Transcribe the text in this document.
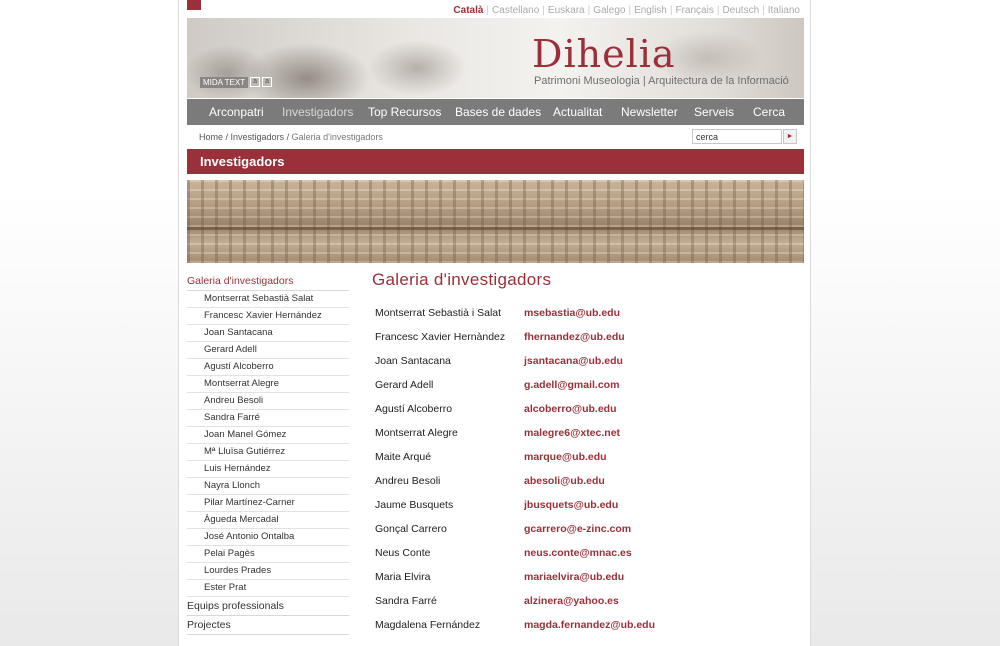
Català | Castellano | Euskara | Galego | English | Français | Deutsch | Italiano
Dihelia
Patrimoni Museologia | Arquitectura de la Informació
MIDA TEXT	a	a
Arconpatri Investigadors Top Recursos Bases de dades Actualitat Newsletter Serveis Cerca
Home / Investigadors / Galeria d'investigadors
cerca	►
Investigadors
Galeria d'investigadors
Montserrat Sebastià Salat
Francesc Xavier Hernández
Joan Santacana
Gerard Adell
Agustí Alcoberro
Montserrat Alegre
Andreu Besoli
Sandra Farré
Joan Manel Gómez
Mª Lluïsa Gutiérrez
Luis Hernández
Nayra Llonch
Pilar Martínez-Carner
Àgueda Mercadal
José Antonio Ontalba
Pelai Pagès
Lourdes Prades
Ester Prat
Equips professionals
Projectes
Galeria d'investigadors
Montserrat Sebastià i Salat msebastia@ub.edu
Francesc Xavier Hernàndez fhernandez@ub.edu
Joan Santacana	jsantacana@ub.edu
Gerard Adell	g.adell@gmail.com
Agustí Alcoberro	alcoberro@ub.edu
Montserrat Alegre	malegre6@xtec.net
Maite Arqué	marque@ub.edu
Andreu Besoli	abesoli@ub.edu
Jaume Busquets	jbusquets@ub.edu
Gonçal Carrero	gcarrero@e-zinc.com
Neus Conte	neus.conte@mnac.es
Maria Elvira	mariaelvira@ub.edu
Sandra Farré	alzinera@yahoo.es
Magdalena Fernández	magda.fernandez@ub.edu
